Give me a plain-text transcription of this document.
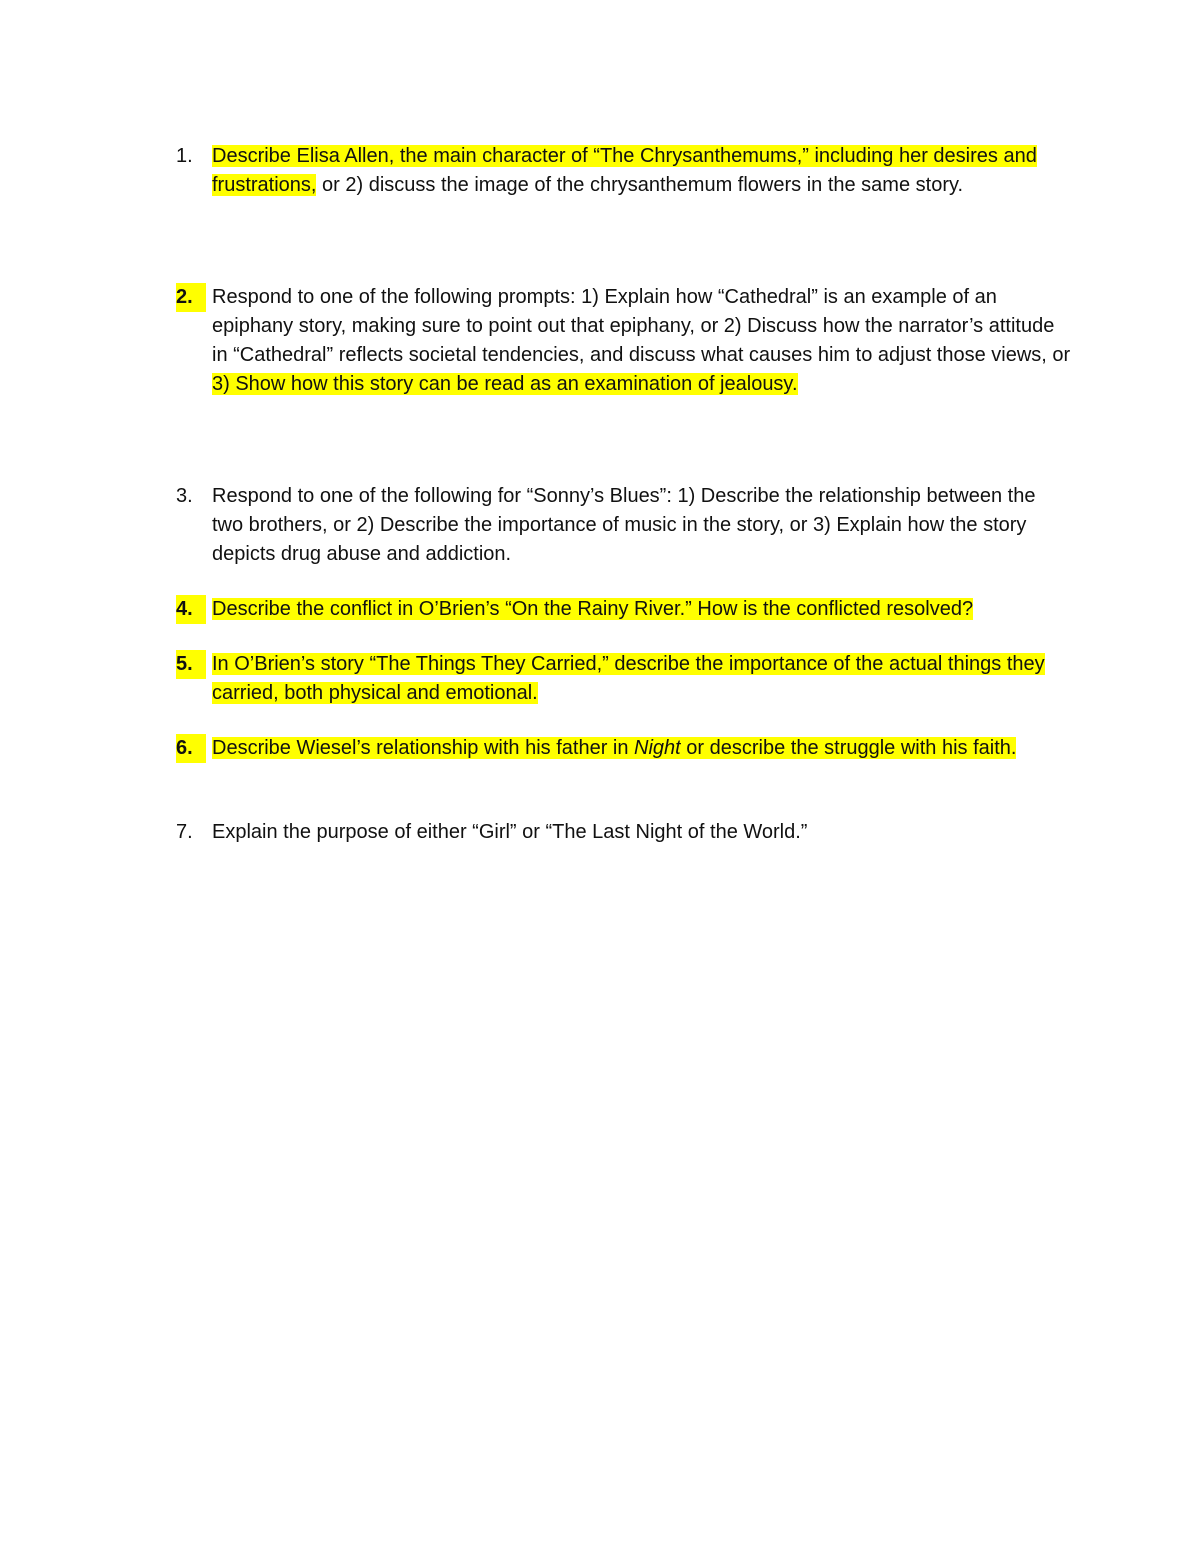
1. Describe Elisa Allen, the main character of “The Chrysanthemums,” including her desires and frustrations, or 2) discuss the image of the chrysanthemum flowers in the same story.
2. Respond to one of the following prompts: 1) Explain how “Cathedral” is an example of an epiphany story, making sure to point out that epiphany, or 2) Discuss how the narrator’s attitude in “Cathedral” reflects societal tendencies, and discuss what causes him to adjust those views, or 3) Show how this story can be read as an examination of jealousy.
3. Respond to one of the following for “Sonny’s Blues”: 1) Describe the relationship between the two brothers, or 2) Describe the importance of music in the story, or 3) Explain how the story depicts drug abuse and addiction.
4. Describe the conflict in O’Brien’s “On the Rainy River.” How is the conflicted resolved?
5. In O’Brien’s story “The Things They Carried,” describe the importance of the actual things they carried, both physical and emotional.
6. Describe Wiesel’s relationship with his father in Night or describe the struggle with his faith.
7. Explain the purpose of either “Girl” or “The Last Night of the World.”
